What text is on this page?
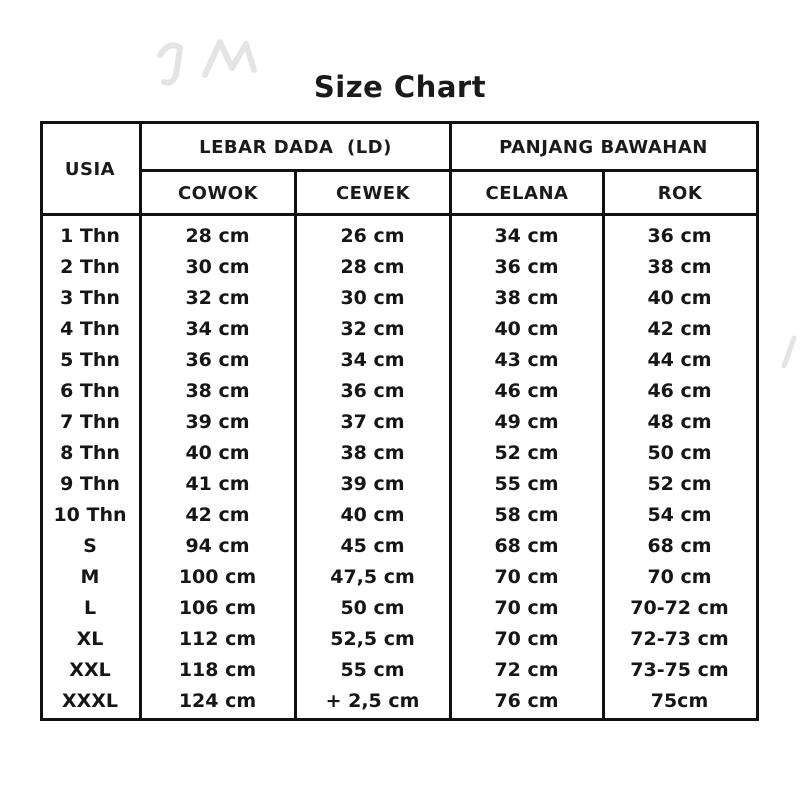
Size Chart
USIA
LEBAR DADA  (LD)	PANJANG BAWAHAN
COWOK	CEWEK	CELANA	ROK
1 Thn	28 cm	26 cm	34 cm	36 cm
2 Thn	30 cm	28 cm	36 cm	38 cm
3 Thn	32 cm	30 cm	38 cm	40 cm
4 Thn	34 cm	32 cm	40 cm	42 cm
5 Thn	36 cm	34 cm	43 cm	44 cm
6 Thn	38 cm	36 cm	46 cm	46 cm
7 Thn	39 cm	37 cm	49 cm	48 cm
8 Thn	40 cm	38 cm	52 cm	50 cm
9 Thn	41 cm	39 cm	55 cm	52 cm
10 Thn	42 cm	40 cm	58 cm	54 cm
S	94 cm	45 cm	68 cm	68 cm
M	100 cm	47,5 cm	70 cm	70 cm
L	106 cm	50 cm	70 cm	70-72 cm
XL	112 cm	52,5 cm	70 cm	72-73 cm
XXL	118 cm	55 cm	72 cm	73-75 cm
XXXL	124 cm	+ 2,5 cm	76 cm	75cm
